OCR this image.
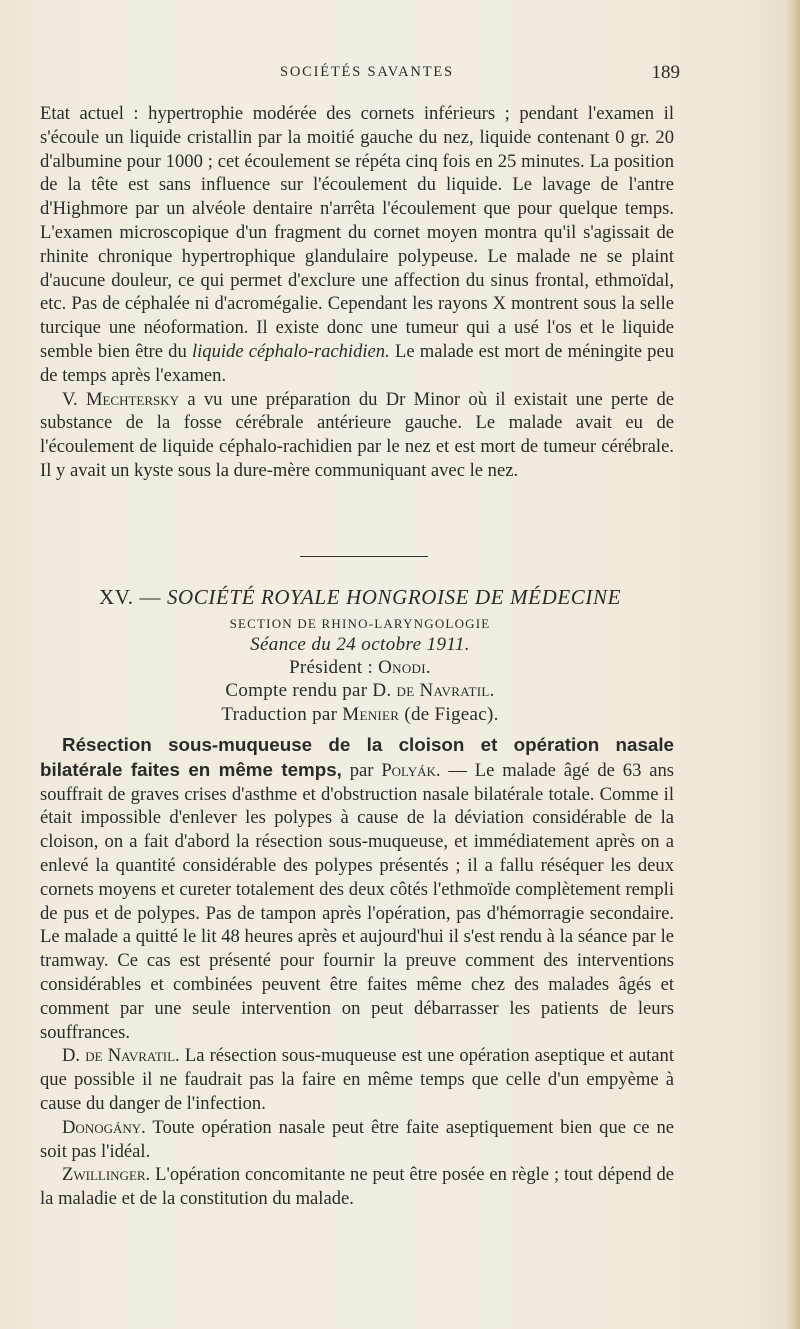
SOCIÉTÉS SAVANTES	189

Etat actuel : hypertrophie modérée des cornets inférieurs ; pendant l'examen il s'écoule un liquide cristallin par la moitié gauche du nez, liquide contenant 0 gr. 20 d'albumine pour 1000 ; cet écoulement se répéta cinq fois en 25 minutes. La position de la tête est sans influence sur l'écoulement du liquide. Le lavage de l'antre d'Highmore par un alvéole dentaire n'arrêta l'écoulement que pour quelque temps. L'examen microscopique d'un fragment du cornet moyen montra qu'il s'agissait de rhinite chronique hypertrophique glandulaire polypeuse. Le malade ne se plaint d'aucune douleur, ce qui permet d'exclure une affection du sinus frontal, ethmoïdal, etc. Pas de céphalée ni d'acromégalie. Cependant les rayons X montrent sous la selle turcique une néoformation. Il existe donc une tumeur qui a usé l'os et le liquide semble bien être du liquide céphalo-rachidien. Le malade est mort de méningite peu de temps après l'examen.

V. Mechtersky a vu une préparation du Dr Minor où il existait une perte de substance de la fosse cérébrale antérieure gauche. Le malade avait eu de l'écoulement de liquide céphalo-rachidien par le nez et est mort de tumeur cérébrale. Il y avait un kyste sous la dure-mère communiquant avec le nez.

XV. — SOCIÉTÉ ROYALE HONGROISE DE MÉDECINE
SECTION DE RHINO-LARYNGOLOGIE
Séance du 24 octobre 1911.
Président : Onodi.
Compte rendu par D. de Navratil.
Traduction par Menier (de Figeac).

Résection sous-muqueuse de la cloison et opération nasale bilatérale faites en même temps, par Polyák. — Le malade âgé de 63 ans souffrait de graves crises d'asthme et d'obstruction nasale bilatérale totale. Comme il était impossible d'enlever les polypes à cause de la déviation considérable de la cloison, on a fait d'abord la résection sous-muqueuse, et immédiatement après on a enlevé la quantité considérable des polypes présentés ; il a fallu réséquer les deux cornets moyens et cureter totalement des deux côtés l'ethmoïde complètement rempli de pus et de polypes. Pas de tampon après l'opération, pas d'hémorragie secondaire. Le malade a quitté le lit 48 heures après et aujourd'hui il s'est rendu à la séance par le tramway. Ce cas est présenté pour fournir la preuve comment des interventions considérables et combinées peuvent être faites même chez des malades âgés et comment par une seule intervention on peut débarrasser les patients de leurs souffrances.

D. de Navratil. La résection sous-muqueuse est une opération aseptique et autant que possible il ne faudrait pas la faire en même temps que celle d'un empyème à cause du danger de l'infection.

Donogány. Toute opération nasale peut être faite aseptiquement bien que ce ne soit pas l'idéal.

Zwillinger. L'opération concomitante ne peut être posée en règle ; tout dépend de la maladie et de la constitution du malade.
